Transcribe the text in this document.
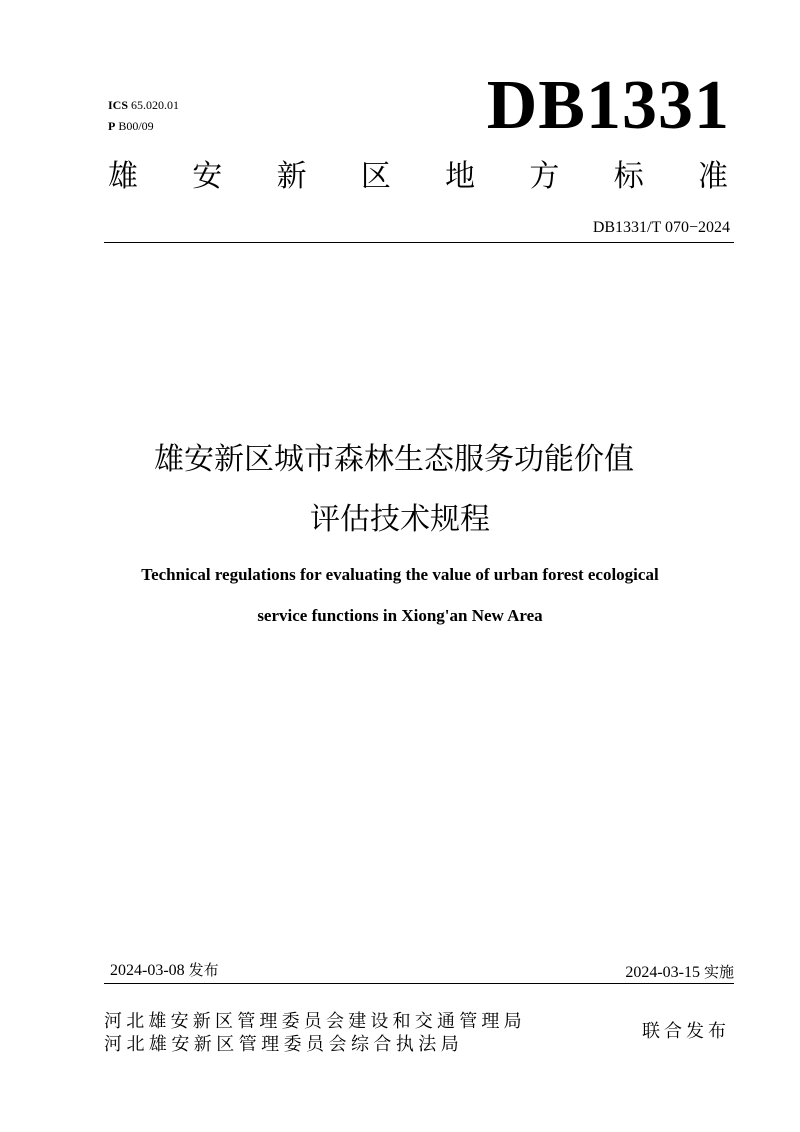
ICS 65.020.01
P B00/09	DB1331
雄 安 新 区 地 方 标 准
DB1331/T 070−2024
雄安新区城市森林生态服务功能价值
评估技术规程
Technical regulations for evaluating the value of urban forest ecological
service functions in Xiong'an New Area
2024-03-08 发布	2024-03-15 实施
河北雄安新区管理委员会建设和交通管理局
河北雄安新区管理委员会综合执法局
联合发布
